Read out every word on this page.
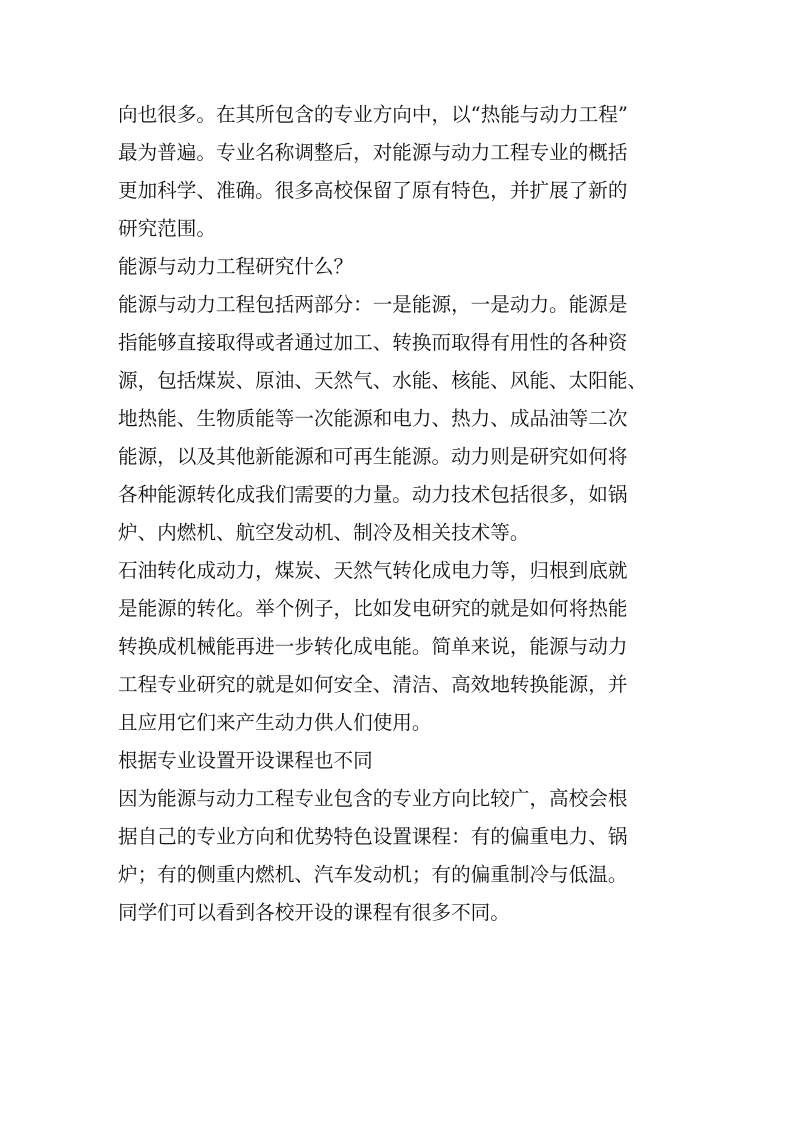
向也很多。在其所包含的专业方向中，以“热能与动力工程”
最为普遍。专业名称调整后，对能源与动力工程专业的概括
更加科学、准确。很多高校保留了原有特色，并扩展了新的
研究范围。
能源与动力工程研究什么？
能源与动力工程包括两部分：一是能源，一是动力。能源是
指能够直接取得或者通过加工、转换而取得有用性的各种资
源，包括煤炭、原油、天然气、水能、核能、风能、太阳能、
地热能、生物质能等一次能源和电力、热力、成品油等二次
能源，以及其他新能源和可再生能源。动力则是研究如何将
各种能源转化成我们需要的力量。动力技术包括很多，如锅
炉、内燃机、航空发动机、制冷及相关技术等。
石油转化成动力，煤炭、天然气转化成电力等，归根到底就
是能源的转化。举个例子，比如发电研究的就是如何将热能
转换成机械能再进一步转化成电能。简单来说，能源与动力
工程专业研究的就是如何安全、清洁、高效地转换能源，并
且应用它们来产生动力供人们使用。
根据专业设置开设课程也不同
因为能源与动力工程专业包含的专业方向比较广，高校会根
据自己的专业方向和优势特色设置课程：有的偏重电力、锅
炉；有的侧重内燃机、汽车发动机；有的偏重制冷与低温。
同学们可以看到各校开设的课程有很多不同。
